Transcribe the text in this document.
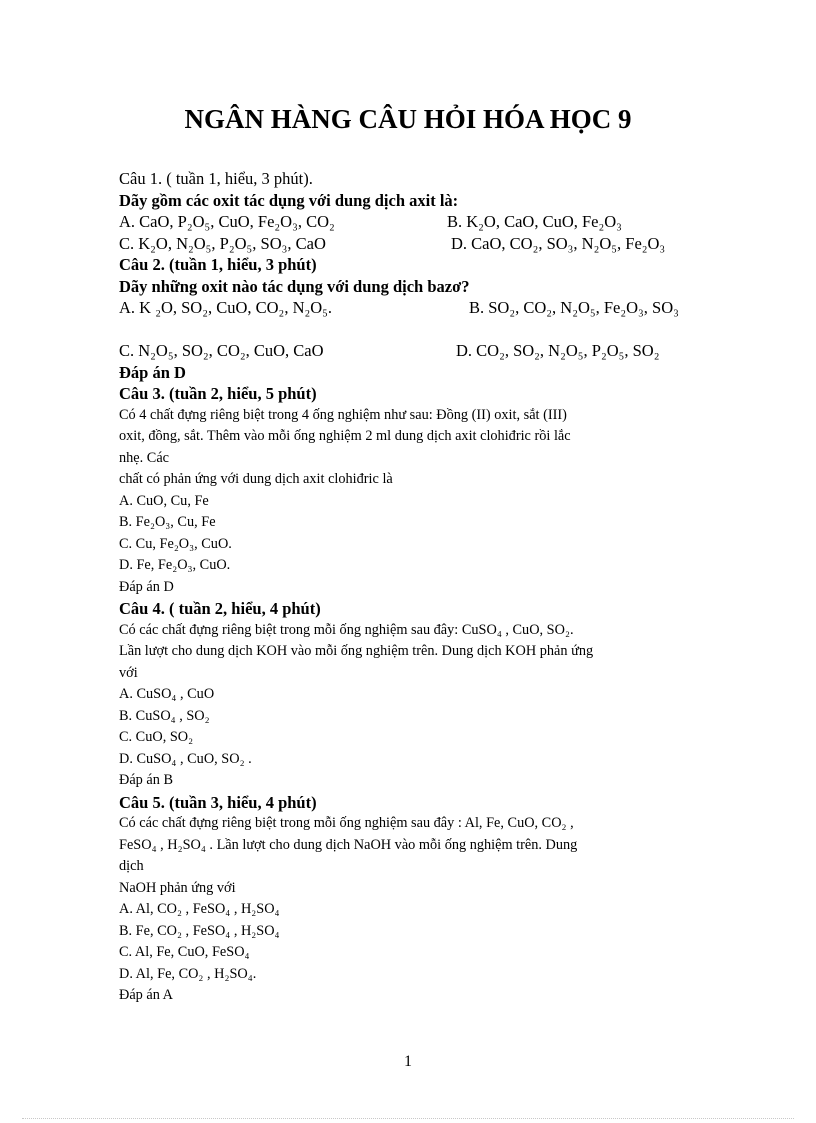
NGÂN HÀNG CÂU HỎI HÓA HỌC 9
Câu 1. ( tuần 1, hiểu, 3 phút).
Dãy gồm các oxit tác dụng với dung dịch axit là:
A. CaO, P₂O₅, CuO, Fe₂O₃, CO₂	B. K₂O, CaO, CuO, Fe₂O₃
C. K₂O, N₂O₅, P₂O₅, SO₃, CaO	D. CaO, CO₂, SO₃, N₂O₅, Fe₂O₃
Câu 2. (tuần 1, hiểu, 3 phút)
Dãy những oxit nào tác dụng với dung dịch bazơ?
A. K ₂O, SO₂, CuO, CO₂, N₂O₅.	B. SO₂, CO₂, N₂O₅, Fe₂O₃, SO₃

C. N₂O₅, SO₂, CO₂, CuO, CaO	D. CO₂, SO₂, N₂O₅, P₂O₅, SO₂
Đáp án D
Câu 3. (tuần 2, hiểu, 5 phút)
Có 4 chất đựng riêng biệt trong 4 ống nghiệm như sau: Đồng (II) oxit, sắt (III)
oxit, đồng, sắt. Thêm vào mỗi ống nghiệm 2 ml dung dịch axit clohiđric rồi lắc
nhẹ. Các
chất có phản ứng với dung dịch axit clohiđric là
A. CuO, Cu, Fe
B. Fe₂O₃, Cu, Fe
C. Cu, Fe₂O₃, CuO.
D. Fe, Fe₂O₃, CuO.
Đáp án D
Câu 4. ( tuần 2, hiểu, 4 phút)
Có các chất đựng riêng biệt trong mỗi ống nghiệm sau đây: CuSO₄ , CuO, SO₂.
Lần lượt cho dung dịch KOH vào mỗi ống nghiệm trên. Dung dịch KOH phản ứng
với
A. CuSO₄ , CuO
B. CuSO₄ , SO₂
C. CuO, SO₂
D. CuSO₄ , CuO, SO₂ .
Đáp án B
Câu 5. (tuần 3, hiểu, 4 phút)
Có các chất đựng riêng biệt trong mỗi ống nghiệm sau đây : Al, Fe, CuO, CO₂ ,
FeSO₄ , H₂SO₄ . Lần lượt cho dung dịch NaOH vào mỗi ống nghiệm trên. Dung
dịch
NaOH phản ứng với
A. Al, CO₂ , FeSO₄ , H₂SO₄
B. Fe, CO₂ , FeSO₄ , H₂SO₄
C. Al, Fe, CuO, FeSO₄
D. Al, Fe, CO₂ , H₂SO₄.
Đáp án A
1
